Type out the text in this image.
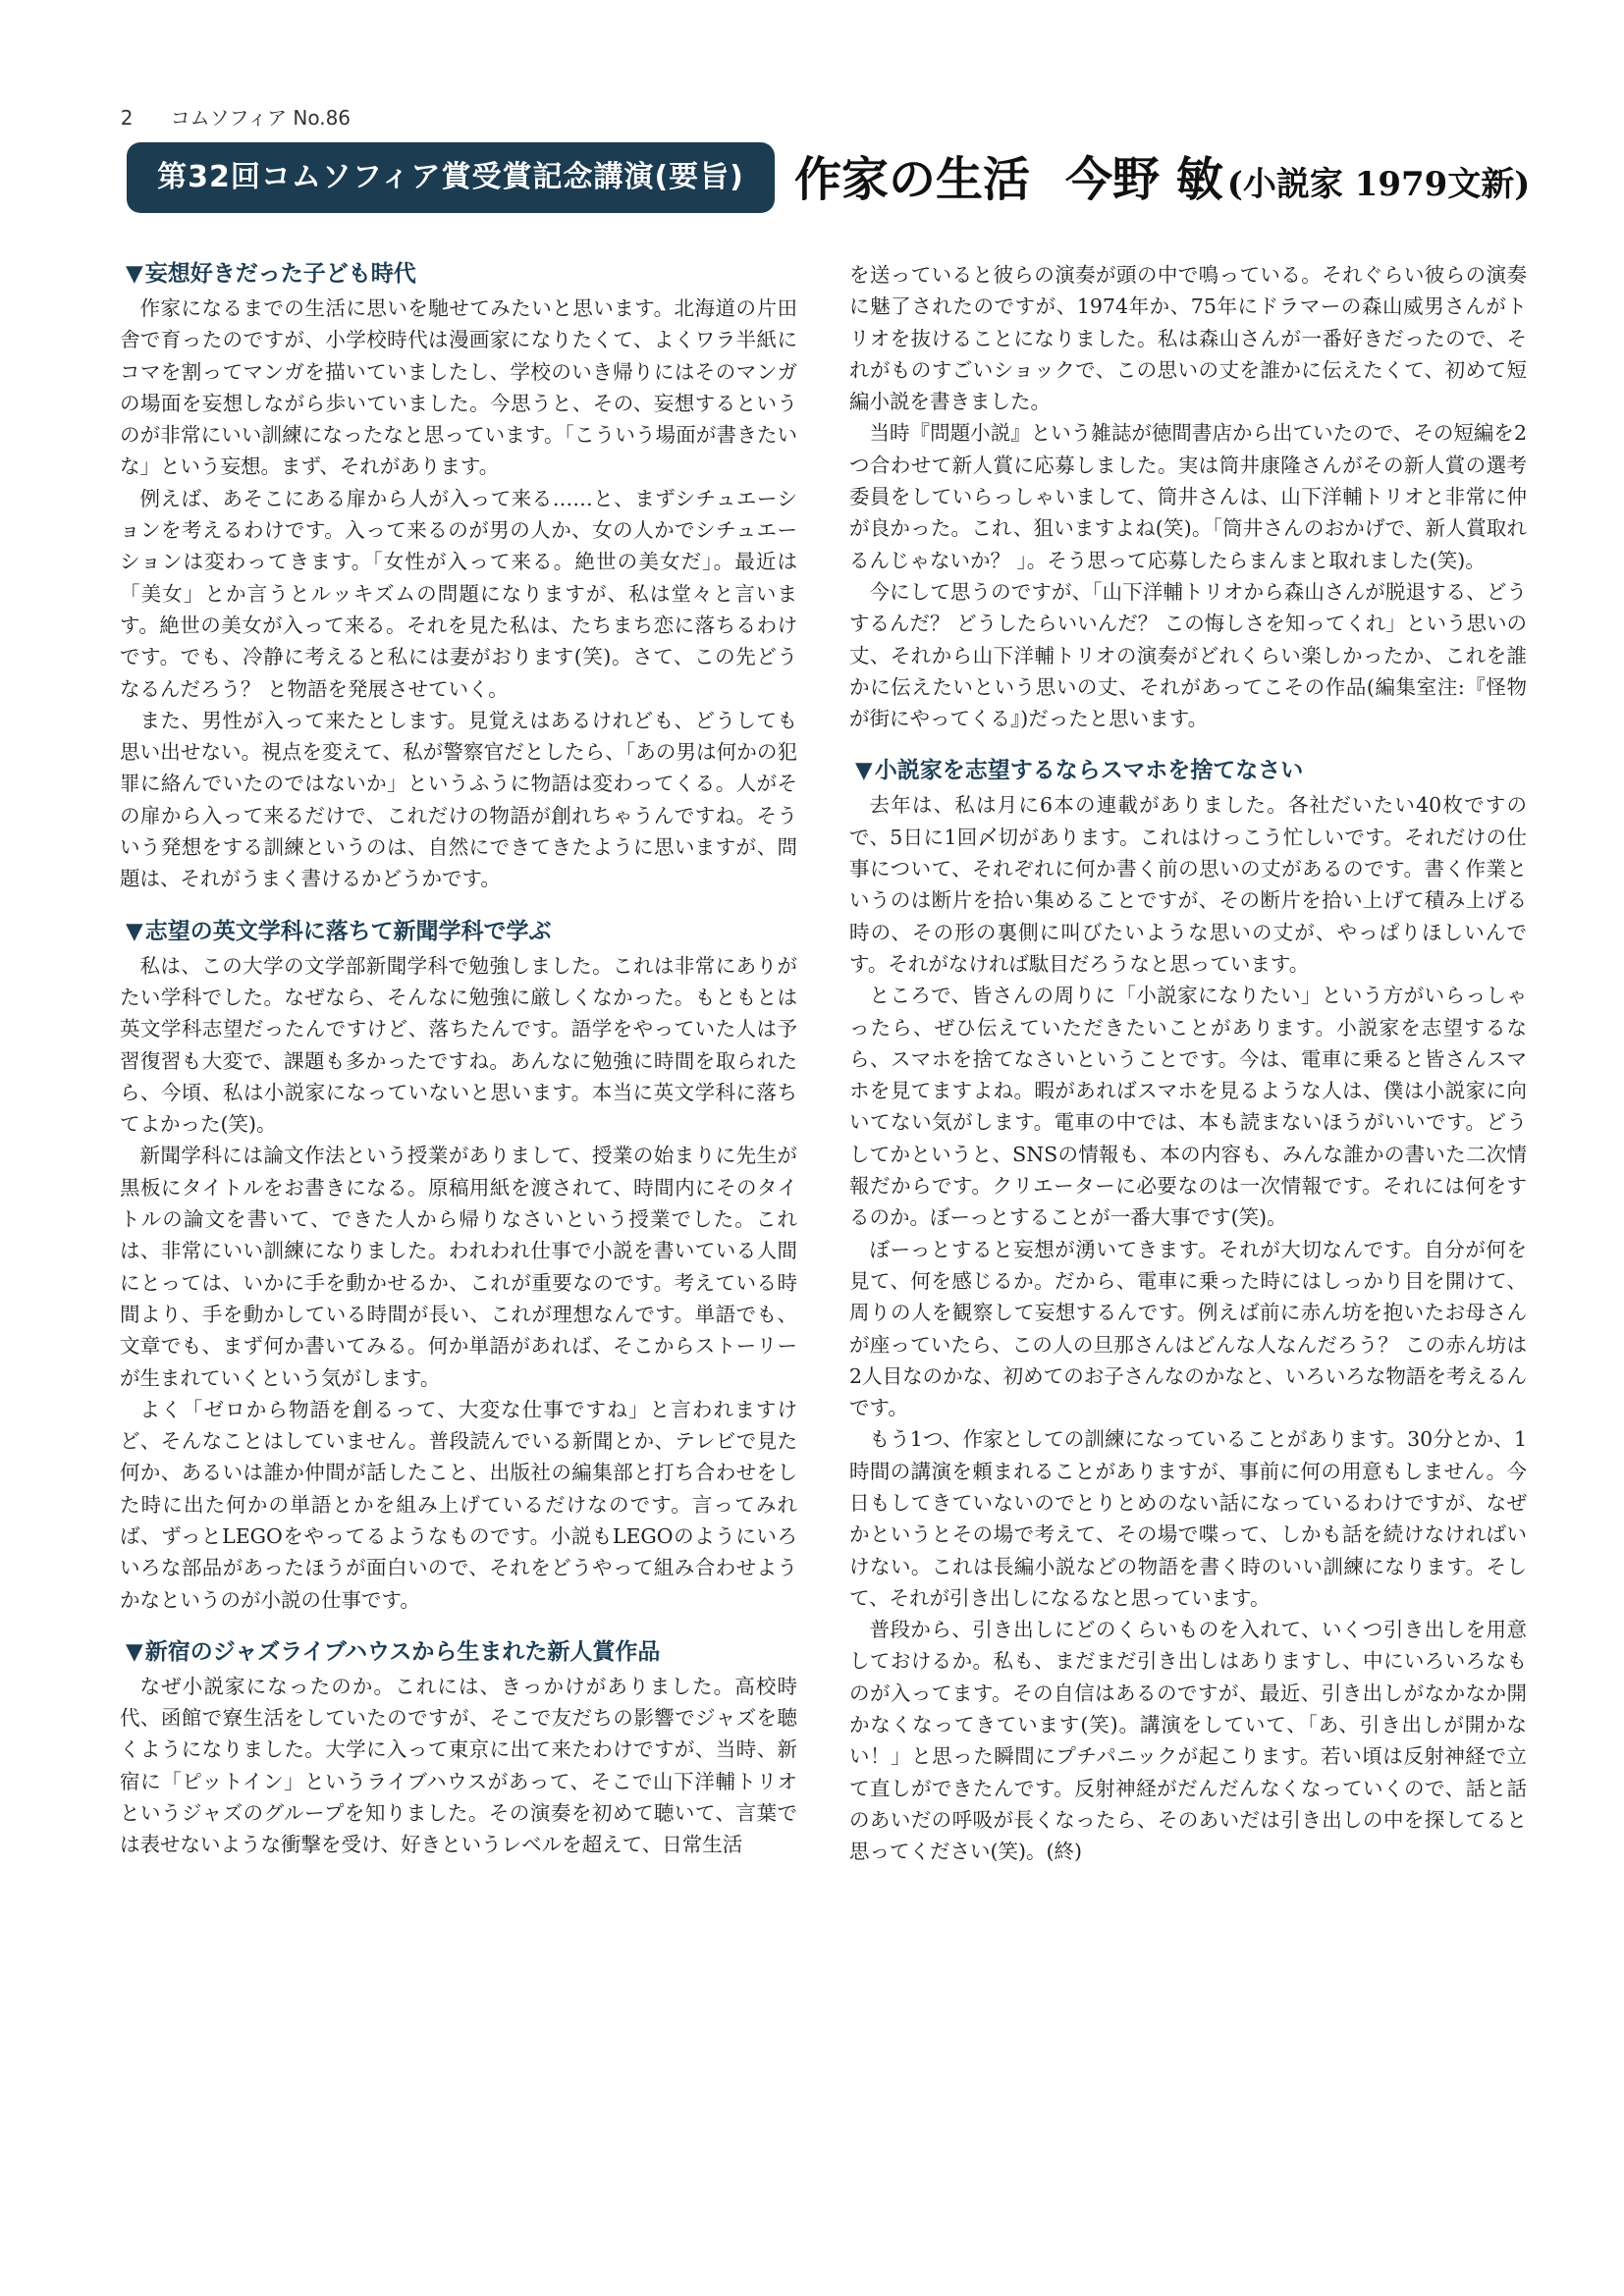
2 コムソフィア No.86

第32回コムソフィア賞受賞記念講演(要旨)	作家の生活 今野 敏 (小説家 1979文新)
▼妄想好きだった子ども時代

作家になるまでの生活に思いを馳せてみたいと思います。北海道の片田舎で育ったのですが、小学校時代は漫画家になりたくて、よくワラ半紙にコマを割ってマンガを描いていましたし、学校のいき帰りにはそのマンガの場面を妄想しながら歩いていました。今思うと、その、妄想するというのが非常にいい訓練になったなと思っています。「こういう場面が書きたいな」という妄想。まず、それがあります。

例えば、あそこにある扉から人が入って来る……と、まずシチュエーションを考えるわけです。入って来るのが男の人か、女の人かでシチュエーションは変わってきます。「女性が入って来る。絶世の美女だ」。最近は「美女」とか言うとルッキズムの問題になりますが、私は堂々と言います。絶世の美女が入って来る。それを見た私は、たちまち恋に落ちるわけです。でも、冷静に考えると私には妻がおります(笑)。さて、この先どうなるんだろう？ と物語を発展させていく。

また、男性が入って来たとします。見覚えはあるけれども、どうしても思い出せない。視点を変えて、私が警察官だとしたら、「あの男は何かの犯罪に絡んでいたのではないか」というふうに物語は変わってくる。人がその扉から入って来るだけで、これだけの物語が創れちゃうんですね。そういう発想をする訓練というのは、自然にできてきたように思いますが、問題は、それがうまく書けるかどうかです。

▼志望の英文学科に落ちて新聞学科で学ぶ

私は、この大学の文学部新聞学科で勉強しました。これは非常にありがたい学科でした。なぜなら、そんなに勉強に厳しくなかった。もともとは英文学科志望だったんですけど、落ちたんです。語学をやっていた人は予習復習も大変で、課題も多かったですね。あんなに勉強に時間を取られたら、今頃、私は小説家になっていないと思います。本当に英文学科に落ちてよかった(笑)。

新聞学科には論文作法という授業がありまして、授業の始まりに先生が黒板にタイトルをお書きになる。原稿用紙を渡されて、時間内にそのタイトルの論文を書いて、できた人から帰りなさいという授業でした。これは、非常にいい訓練になりました。われわれ仕事で小説を書いている人間にとっては、いかに手を動かせるか、これが重要なのです。考えている時間より、手を動かしている時間が長い、これが理想なんです。単語でも、文章でも、まず何か書いてみる。何か単語があれば、そこからストーリーが生まれていくという気がします。

よく「ゼロから物語を創るって、大変な仕事ですね」と言われますけど、そんなことはしていません。普段読んでいる新聞とか、テレビで見た何か、あるいは誰か仲間が話したこと、出版社の編集部と打ち合わせをした時に出た何かの単語とかを組み上げているだけなのです。言ってみれば、ずっとLEGOをやってるようなものです。小説もLEGOのようにいろいろな部品があったほうが面白いので、それをどうやって組み合わせようかなというのが小説の仕事です。

▼新宿のジャズライブハウスから生まれた新人賞作品

なぜ小説家になったのか。これには、きっかけがありました。高校時代、函館で寮生活をしていたのですが、そこで友だちの影響でジャズを聴くようになりました。大学に入って東京に出て来たわけですが、当時、新宿に「ピットイン」というライブハウスがあって、そこで山下洋輔トリオというジャズのグループを知りました。その演奏を初めて聴いて、言葉では表せないような衝撃を受け、好きというレベルを超えて、日常生活

を送っていると彼らの演奏が頭の中で鳴っている。それぐらい彼らの演奏に魅了されたのですが、1974年か、75年にドラマーの森山威男さんがトリオを抜けることになりました。私は森山さんが一番好きだったので、それがものすごいショックで、この思いの丈を誰かに伝えたくて、初めて短編小説を書きました。

当時『問題小説』という雑誌が徳間書店から出ていたので、その短編を2つ合わせて新人賞に応募しました。実は筒井康隆さんがその新人賞の選考委員をしていらっしゃいまして、筒井さんは、山下洋輔トリオと非常に仲が良かった。これ、狙いますよね(笑)。「筒井さんのおかげで、新人賞取れるんじゃないか？ 」。そう思って応募したらまんまと取れました(笑)。

今にして思うのですが、「山下洋輔トリオから森山さんが脱退する、どうするんだ？ どうしたらいいんだ？ この悔しさを知ってくれ」という思いの丈、それから山下洋輔トリオの演奏がどれくらい楽しかったか、これを誰かに伝えたいという思いの丈、それがあってこその作品(編集室注:『怪物が街にやってくる』)だったと思います。

▼小説家を志望するならスマホを捨てなさい

去年は、私は月に6本の連載がありました。各社だいたい40枚ですので、5日に1回〆切があります。これはけっこう忙しいです。それだけの仕事について、それぞれに何か書く前の思いの丈があるのです。書く作業というのは断片を拾い集めることですが、その断片を拾い上げて積み上げる時の、その形の裏側に叫びたいような思いの丈が、やっぱりほしいんです。それがなければ駄目だろうなと思っています。

ところで、皆さんの周りに「小説家になりたい」という方がいらっしゃったら、ぜひ伝えていただきたいことがあります。小説家を志望するなら、スマホを捨てなさいということです。今は、電車に乗ると皆さんスマホを見てますよね。暇があればスマホを見るような人は、僕は小説家に向いてない気がします。電車の中では、本も読まないほうがいいです。どうしてかというと、SNSの情報も、本の内容も、みんな誰かの書いた二次情報だからです。クリエーターに必要なのは一次情報です。それには何をするのか。ぼーっとすることが一番大事です(笑)。

ぼーっとすると妄想が湧いてきます。それが大切なんです。自分が何を見て、何を感じるか。だから、電車に乗った時にはしっかり目を開けて、周りの人を観察して妄想するんです。例えば前に赤ん坊を抱いたお母さんが座っていたら、この人の旦那さんはどんな人なんだろう？ この赤ん坊は2人目なのかな、初めてのお子さんなのかなと、いろいろな物語を考えるんです。

もう1つ、作家としての訓練になっていることがあります。30分とか、1時間の講演を頼まれることがありますが、事前に何の用意もしません。今日もしてきていないのでとりとめのない話になっているわけですが、なぜかというとその場で考えて、その場で喋って、しかも話を続けなければいけない。これは長編小説などの物語を書く時のいい訓練になります。そして、それが引き出しになるなと思っています。

普段から、引き出しにどのくらいものを入れて、いくつ引き出しを用意しておけるか。私も、まだまだ引き出しはありますし、中にいろいろなものが入ってます。その自信はあるのですが、最近、引き出しがなかなか開かなくなってきています(笑)。講演をしていて、「あ、引き出しが開かない！」と思った瞬間にプチパニックが起こります。若い頃は反射神経で立て直しができたんです。反射神経がだんだんなくなっていくので、話と話のあいだの呼吸が長くなったら、そのあいだは引き出しの中を探してると思ってください(笑)。(終)
